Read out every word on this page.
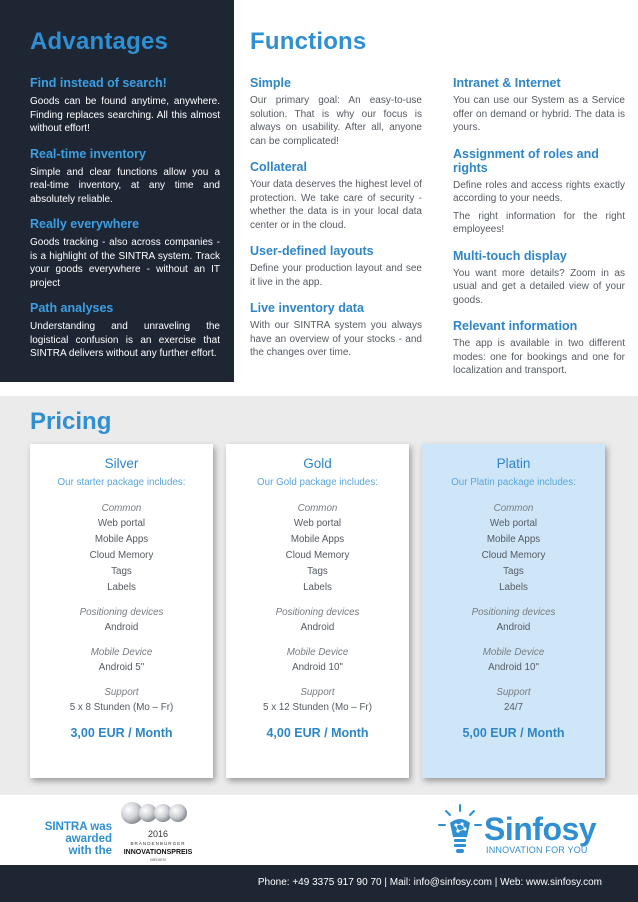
Advantages
Find instead of search!

Goods can be found anytime, anywhere. Finding replaces searching. All this almost without effort!

Real-time inventory

Simple and clear functions allow you a real-time inventory, at any time and absolutely reliable.

Really everywhere

Goods tracking - also across companies - is a highlight of the SINTRA system. Track your goods everywhere - without an IT project

Path analyses

Understanding and unraveling the logistical confusion is an exercise that SINTRA delivers without any further effort.

Functions
Simple

Our primary goal: An easy-to-use solution. That is why our focus is always on usability. After all, anyone can be complicated!

Collateral

Your data deserves the highest level of protection. We take care of security - whether the data is in your local data center or in the cloud.

User-defined layouts

Define your production layout and see it live in the app.

Live inventory data

With our SINTRA system you always have an overview of your stocks - and the changes over time.

Intranet & Internet

You can use our System as a Service offer on demand or hybrid. The data is yours.

Assignment of roles and rights

Define roles and access rights exactly according to your needs.

The right information for the right employees!

Multi-touch display

You want more details? Zoom in as usual and get a detailed view of your goods.

Relevant information

The app is available in two different modes: one for bookings and one for localization and transport.

Pricing
Silver
Our starter package includes:
Common
Web portal
Mobile Apps
Cloud Memory
Tags
Labels
Positioning devices
Android
Mobile Device
Android 5"
Support
5 x 8 Stunden (Mo – Fr)
3,00 EUR / Month
Gold
Our Gold package includes:
Common
Web portal
Mobile Apps
Cloud Memory
Tags
Labels
Positioning devices
Android
Mobile Device
Android 10"
Support
5 x 12 Stunden (Mo – Fr)
4,00 EUR / Month
Platin
Our Platin package includes:
Common
Web portal
Mobile Apps
Cloud Memory
Tags
Labels
Positioning devices
Android
Mobile Device
Android 10"
Support
24/7
5,00 EUR / Month
SINTRA was
awarded
with the
2016
BRANDENBURGER
INNOVATIONSPREIS
MEDIEN
Sinfosy
INNOVATION FOR YOU
Phone: +49 3375 917 90 70 | Mail: info@sinfosy.com | Web: www.sinfosy.com
